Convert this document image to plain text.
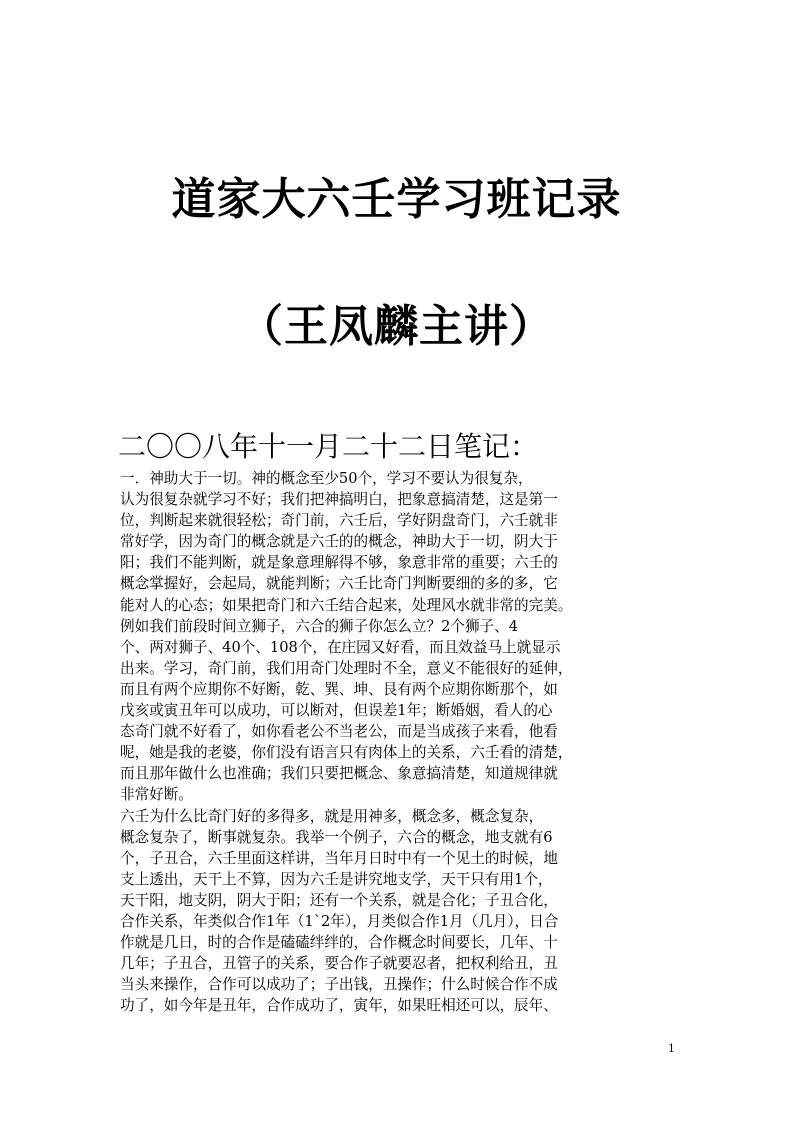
道家大六壬学习班记录
（王凤麟主讲）
二〇〇八年十一月二十二日笔记：
一．神助大于一切。神的概念至少50个，学习不要认为很复杂，
认为很复杂就学习不好；我们把神搞明白，把象意搞清楚，这是第一
位，判断起来就很轻松；奇门前，六壬后，学好阴盘奇门，六壬就非
常好学，因为奇门的概念就是六壬的的概念，神助大于一切，阴大于
阳；我们不能判断，就是象意理解得不够，象意非常的重要；六壬的
概念掌握好，会起局，就能判断；六壬比奇门判断要细的多的多，它
能对人的心态；如果把奇门和六壬结合起来，处理风水就非常的完美。
例如我们前段时间立狮子，六合的狮子你怎么立？2个狮子、4
个、两对狮子、40个、108个，在庄园又好看，而且效益马上就显示
出来。学习，奇门前，我们用奇门处理时不全，意义不能很好的延伸，
而且有两个应期你不好断，乾、巽、坤、艮有两个应期你断那个，如
戊亥或寅丑年可以成功，可以断对，但误差1年；断婚姻，看人的心
态奇门就不好看了，如你看老公不当老公，而是当成孩子来看，他看
呢，她是我的老婆，你们没有语言只有肉体上的关系，六壬看的清楚，
而且那年做什么也准确；我们只要把概念、象意搞清楚，知道规律就
非常好断。
六壬为什么比奇门好的多得多，就是用神多，概念多，概念复杂，
概念复杂了，断事就复杂。我举一个例子，六合的概念，地支就有6
个，子丑合，六壬里面这样讲，当年月日时中有一个见土的时候，地
支上透出，天干上不算，因为六壬是讲究地支学，天干只有用1个，
天干阳，地支阴，阴大于阳；还有一个关系，就是合化；子丑合化，
合作关系，年类似合作1年（1`2年），月类似合作1月（几月），日合
作就是几日，时的合作是磕磕绊绊的，合作概念时间要长，几年、十
几年；子丑合，丑管子的关系，要合作子就要忍者，把权利给丑，丑
当头来操作，合作可以成功了；子出钱，丑操作；什么时候合作不成
功了，如今年是丑年，合作成功了，寅年，如果旺相还可以，辰年、
1
